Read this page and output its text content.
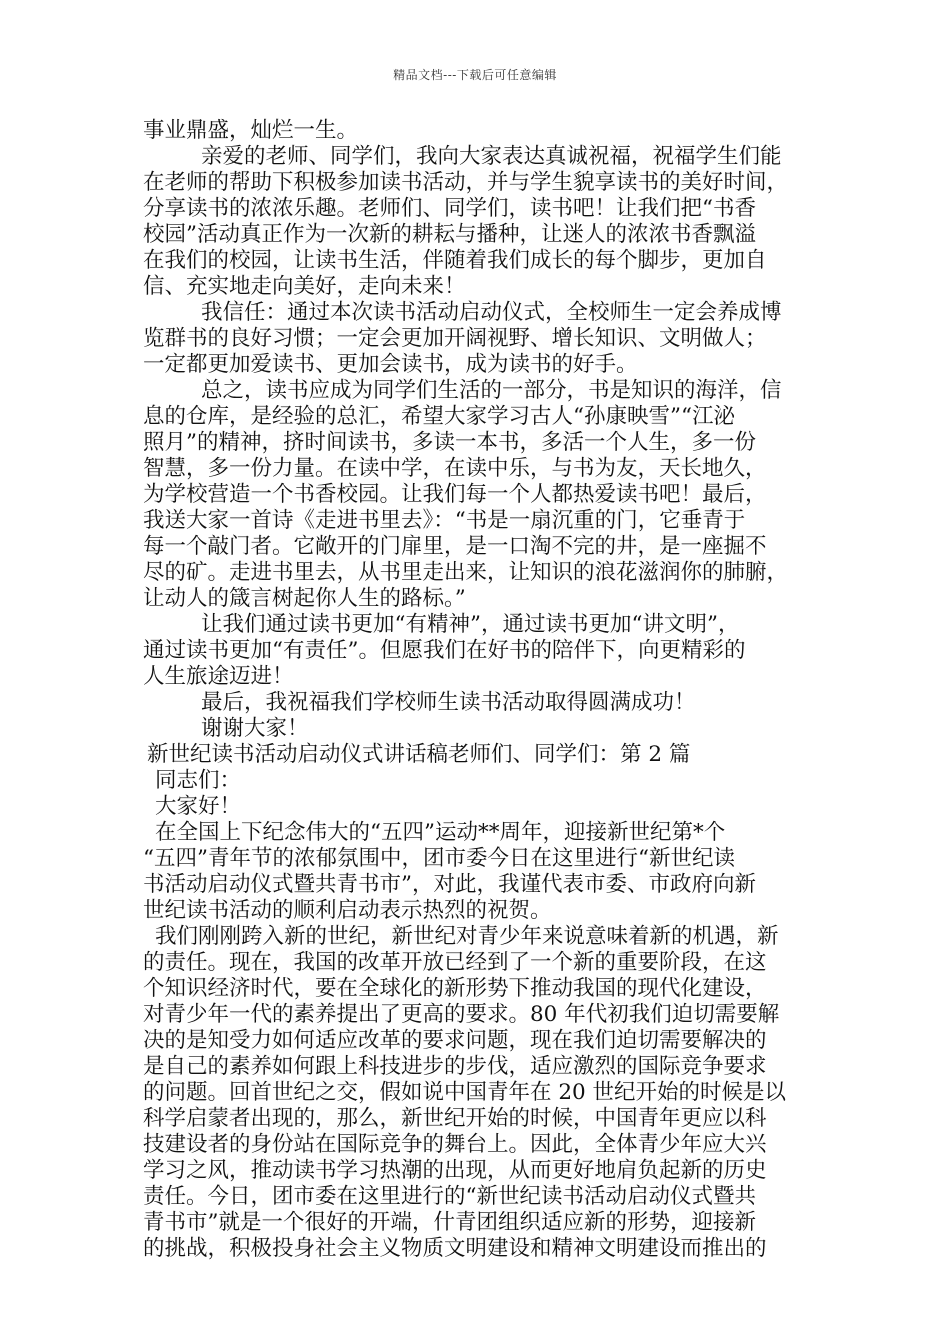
精品文档---下载后可任意编辑
事业鼎盛，灿烂一生。
亲爱的老师、同学们，我向大家表达真诚祝福，祝福学生们能
在老师的帮助下积极参加读书活动，并与学生貌享读书的美好时间，
分享读书的浓浓乐趣。老师们、同学们，读书吧！让我们把“书香
校园”活动真正作为一次新的耕耘与播种，让迷人的浓浓书香飘溢
在我们的校园，让读书生活，伴随着我们成长的每个脚步，更加自
信、充实地走向美好，走向未来！
我信任：通过本次读书活动启动仪式，全校师生一定会养成博
览群书的良好习惯；一定会更加开阔视野、增长知识、文明做人；
一定都更加爱读书、更加会读书，成为读书的好手。
总之，读书应成为同学们生活的一部分，书是知识的海洋，信
息的仓库，是经验的总汇，希望大家学习古人“孙康映雪”“江泌
照月”的精神，挤时间读书，多读一本书，多活一个人生，多一份
智慧，多一份力量。在读中学，在读中乐，与书为友，天长地久，
为学校营造一个书香校园。让我们每一个人都热爱读书吧！最后，
我送大家一首诗《走进书里去》：“书是一扇沉重的门，它垂青于
每一个敲门者。它敞开的门扉里，是一口淘不完的井，是一座掘不
尽的矿。走进书里去，从书里走出来，让知识的浪花滋润你的肺腑，
让动人的箴言树起你人生的路标。”
让我们通过读书更加“有精神”，通过读书更加“讲文明”，
通过读书更加“有责任”。但愿我们在好书的陪伴下，向更精彩的
人生旅途迈进！
最后，我祝福我们学校师生读书活动取得圆满成功！
谢谢大家！
新世纪读书活动启动仪式讲话稿老师们、同学们：第 2 篇
同志们：
大家好！
在全国上下纪念伟大的“五四”运动**周年，迎接新世纪第*个
“五四”青年节的浓郁氛围中，团市委今日在这里进行“新世纪读
书活动启动仪式暨共青书市”，对此，我谨代表市委、市政府向新
世纪读书活动的顺利启动表示热烈的祝贺。
我们刚刚跨入新的世纪，新世纪对青少年来说意味着新的机遇，新
的责任。现在，我国的改革开放已经到了一个新的重要阶段，在这
个知识经济时代，要在全球化的新形势下推动我国的现代化建设，
对青少年一代的素养提出了更高的要求。80 年代初我们迫切需要解
决的是知受力如何适应改革的要求问题，现在我们迫切需要解决的
是自己的素养如何跟上科技进步的步伐，适应激烈的国际竞争要求
的问题。回首世纪之交，假如说中国青年在 20 世纪开始的时候是以
科学启蒙者出现的，那么，新世纪开始的时候，中国青年更应以科
技建设者的身份站在国际竞争的舞台上。因此，全体青少年应大兴
学习之风，推动读书学习热潮的出现，从而更好地肩负起新的历史
责任。今日，团市委在这里进行的“新世纪读书活动启动仪式暨共
青书市”就是一个很好的开端，什青团组织适应新的形势，迎接新
的挑战，积极投身社会主义物质文明建设和精神文明建设而推出的
